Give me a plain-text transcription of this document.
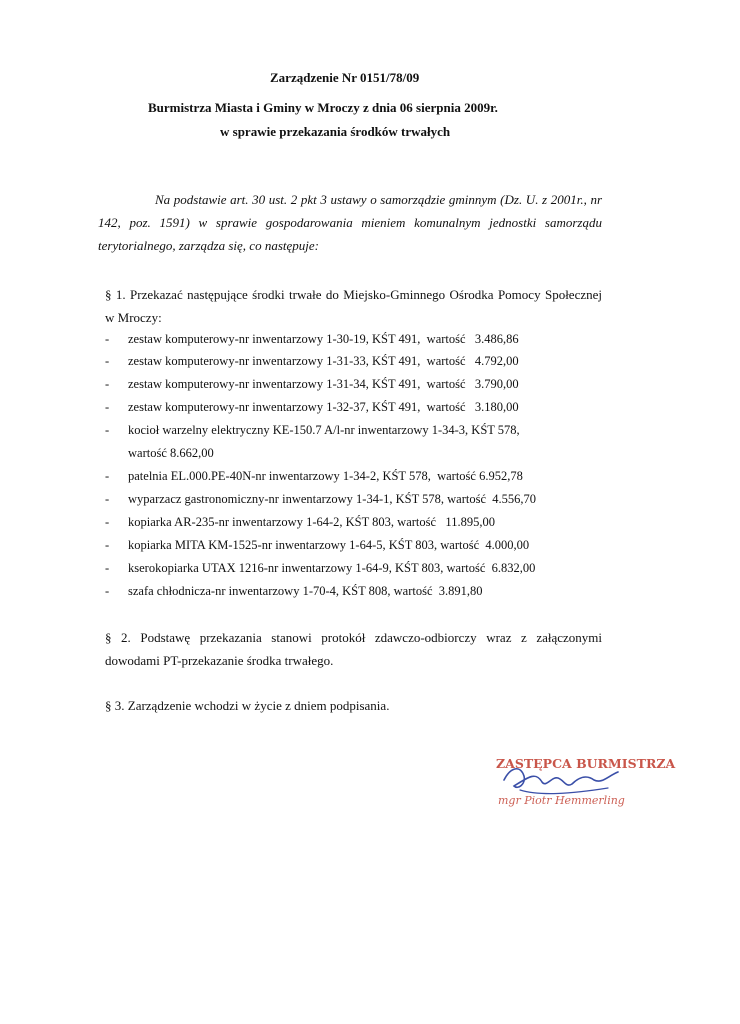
Zarządzenie Nr 0151/78/09
Burmistrza Miasta i Gminy w Mroczy z dnia 06 sierpnia 2009r.
w sprawie przekazania środków trwałych
Na podstawie art. 30 ust. 2 pkt 3 ustawy o samorządzie gminnym (Dz. U. z 2001r., nr 142, poz. 1591) w sprawie gospodarowania mieniem komunalnym jednostki samorządu terytorialnego, zarządza się, co następuje:
§ 1. Przekazać następujące środki trwałe do Miejsko-Gminnego Ośrodka Pomocy Społecznej w Mroczy:
- zestaw komputerowy-nr inwentarzowy 1-30-19, KŚT 491,  wartość   3.486,86
- zestaw komputerowy-nr inwentarzowy 1-31-33, KŚT 491,  wartość   4.792,00
- zestaw komputerowy-nr inwentarzowy 1-31-34, KŚT 491,  wartość   3.790,00
- zestaw komputerowy-nr inwentarzowy 1-32-37, KŚT 491,  wartość   3.180,00
- kocioł warzelny elektryczny KE-150.7 A/l-nr inwentarzowy 1-34-3, KŚT 578, wartość 8.662,00
- patelnia EL.000.PE-40N-nr inwentarzowy 1-34-2, KŚT 578,  wartość 6.952,78
- wyparzacz gastronomiczny-nr inwentarzowy 1-34-1, KŚT 578, wartość  4.556,70
- kopiarka AR-235-nr inwentarzowy 1-64-2, KŚT 803, wartość   11.895,00
- kopiarka MITA KM-1525-nr inwentarzowy 1-64-5, KŚT 803, wartość  4.000,00
- kserokopiarka UTAX 1216-nr inwentarzowy 1-64-9, KŚT 803, wartość  6.832,00
- szafa chłodnicza-nr inwentarzowy 1-70-4, KŚT 808, wartość  3.891,80
§ 2. Podstawę przekazania stanowi protokół zdawczo-odbiorczy wraz z załączonymi dowodami PT-przekazanie środka trwałego.
§ 3. Zarządzenie wchodzi w życie z dniem podpisania.
ZASTĘPCA BURMISTRZA
mgr Piotr Hemmerling
